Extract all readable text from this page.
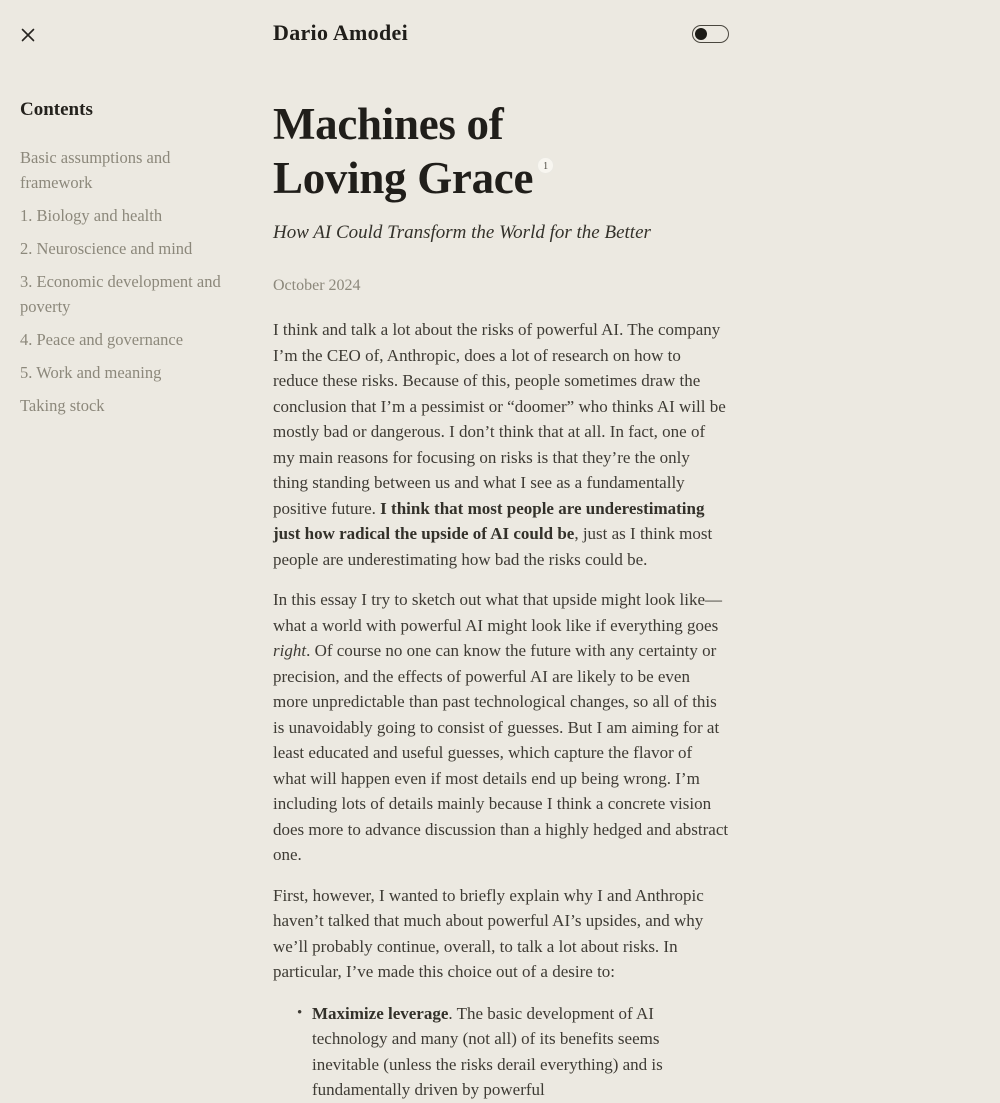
Dario Amodei
Contents
Basic assumptions and framework
1. Biology and health
2. Neuroscience and mind
3. Economic development and poverty
4. Peace and governance
5. Work and meaning
Taking stock
Machines of
Loving Grace 1
How AI Could Transform the World for the Better
October 2024

I think and talk a lot about the risks of powerful AI. The company I’m the CEO of, Anthropic, does a lot of research on how to reduce these risks. Because of this, people sometimes draw the conclusion that I’m a pessimist or “doomer” who thinks AI will be mostly bad or dangerous. I don’t think that at all. In fact, one of my main reasons for focusing on risks is that they’re the only thing standing between us and what I see as a fundamentally positive future. I think that most people are underestimating just how radical the upside of AI could be, just as I think most people are underestimating how bad the risks could be.

In this essay I try to sketch out what that upside might look like—what a world with powerful AI might look like if everything goes right. Of course no one can know the future with any certainty or precision, and the effects of powerful AI are likely to be even more unpredictable than past technological changes, so all of this is unavoidably going to consist of guesses. But I am aiming for at least educated and useful guesses, which capture the flavor of what will happen even if most details end up being wrong. I’m including lots of details mainly because I think a concrete vision does more to advance discussion than a highly hedged and abstract one.

First, however, I wanted to briefly explain why I and Anthropic haven’t talked that much about powerful AI’s upsides, and why we’ll probably continue, overall, to talk a lot about risks. In particular, I’ve made this choice out of a desire to:

• Maximize leverage. The basic development of AI technology and many (not all) of its benefits seems inevitable (unless the risks derail everything) and is fundamentally driven by powerful
